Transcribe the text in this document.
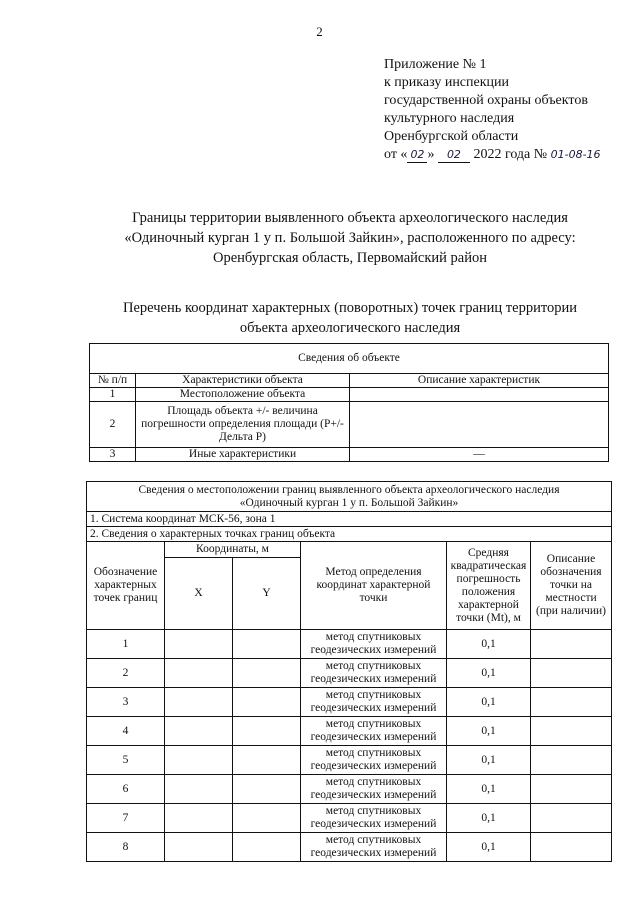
2
Приложение № 1
к приказу инспекции
государственной охраны объектов
культурного наследия
Оренбургской области
от « 02 » 02 2022 года № 01-08-16
Границы территории выявленного объекта археологического наследия
«Одиночный курган 1 у п. Большой Зайкин», расположенного по адресу:
Оренбургская область, Первомайский район
Перечень координат характерных (поворотных) точек границ территории
объекта археологического наследия
Сведения об объекте		
№ п/п	Характеристики объекта	Описание характеристик
1	Местоположение объекта	
2	Площадь объекта +/- величина погрешности определения площади (Р+/- Дельта Р)	
3	Иные характеристики	—
Сведения о местоположении границ выявленного объекта археологического наследия
«Одиночный курган 1 у п. Большой Зайкин»					

1. Система координат МСК-56, зона 1					
2. Сведения о характерных точках границ объекта					
Обозначение характерных точек границ	Координаты, м		Метод определения координат характерной точки	Средняя квадратическая погрешность положения характерной точки (Mt), м	Описание обозначения точки на местности (при наличии)
	X	Y			
1			метод спутниковых геодезических измерений	0,1	
2			метод спутниковых геодезических измерений	0,1	
3			метод спутниковых геодезических измерений	0,1	
4			метод спутниковых геодезических измерений	0,1	
5			метод спутниковых геодезических измерений	0,1	
6			метод спутниковых геодезических измерений	0,1	
7			метод спутниковых геодезических измерений	0,1	
8			метод спутниковых геодезических измерений	0,1	
